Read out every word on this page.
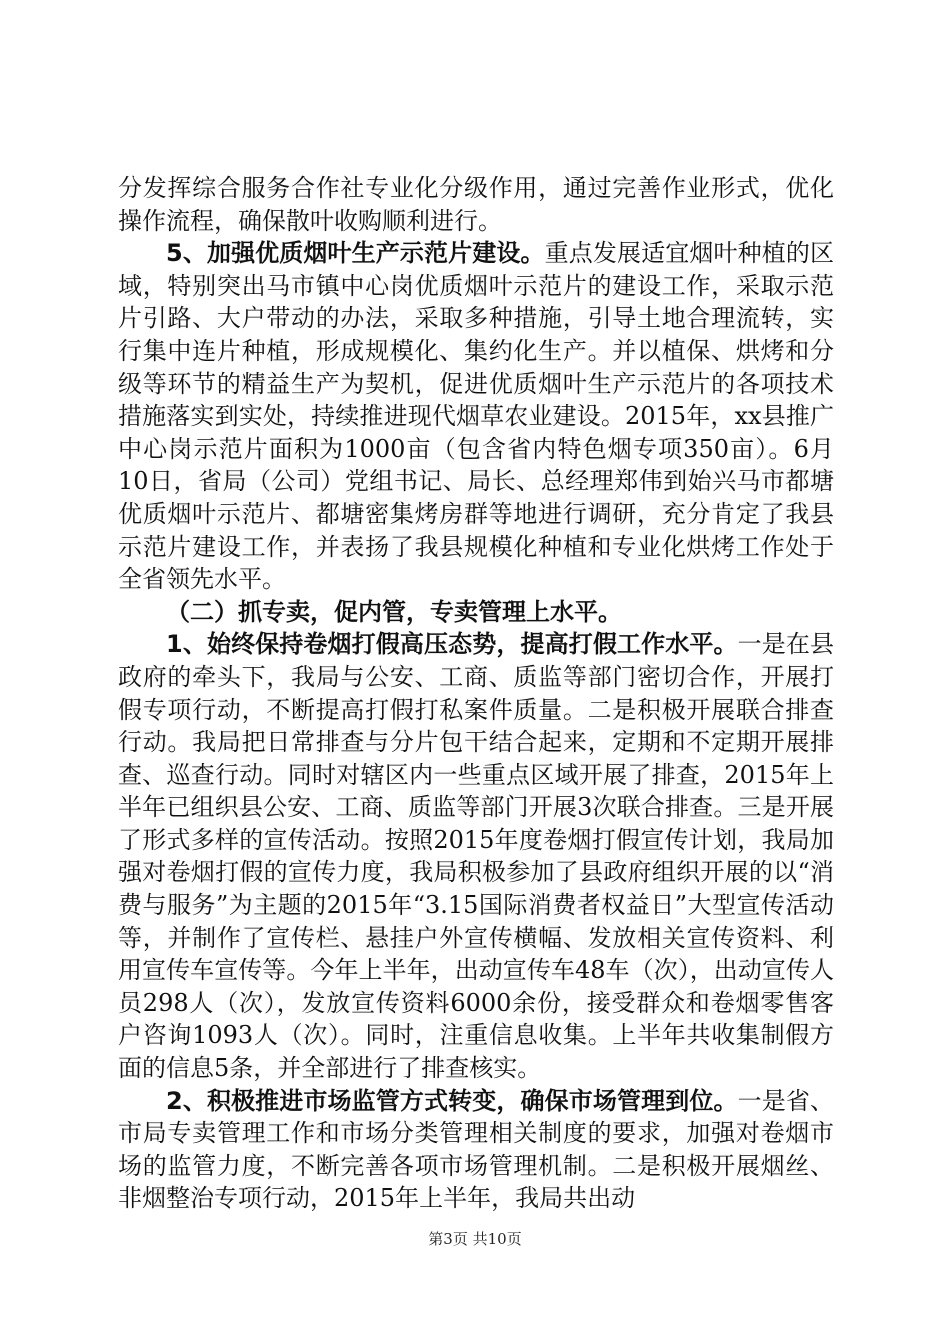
分发挥综合服务合作社专业化分级作用，通过完善作业形式，优化操作流程，确保散叶收购顺利进行。

5、加强优质烟叶生产示范片建设。重点发展适宜烟叶种植的区域，特别突出马市镇中心岗优质烟叶示范片的建设工作，采取示范片引路、大户带动的办法，采取多种措施，引导土地合理流转，实行集中连片种植，形成规模化、集约化生产。并以植保、烘烤和分级等环节的精益生产为契机，促进优质烟叶生产示范片的各项技术措施落实到实处，持续推进现代烟草农业建设。2015年，xx县推广中心岗示范片面积为1000亩（包含省内特色烟专项350亩）。6月10日，省局（公司）党组书记、局长、总经理郑伟到始兴马市都塘优质烟叶示范片、都塘密集烤房群等地进行调研，充分肯定了我县示范片建设工作，并表扬了我县规模化种植和专业化烘烤工作处于全省领先水平。

（二）抓专卖，促内管，专卖管理上水平。

1、始终保持卷烟打假高压态势，提高打假工作水平。一是在县政府的牵头下，我局与公安、工商、质监等部门密切合作，开展打假专项行动，不断提高打假打私案件质量。二是积极开展联合排查行动。我局把日常排查与分片包干结合起来，定期和不定期开展排查、巡查行动。同时对辖区内一些重点区域开展了排查，2015年上半年已组织县公安、工商、质监等部门开展3次联合排查。三是开展了形式多样的宣传活动。按照2015年度卷烟打假宣传计划，我局加强对卷烟打假的宣传力度，我局积极参加了县政府组织开展的以“消费与服务”为主题的2015年“3.15国际消费者权益日”大型宣传活动等，并制作了宣传栏、悬挂户外宣传横幅、发放相关宣传资料、利用宣传车宣传等。今年上半年，出动宣传车48车（次），出动宣传人员298人（次），发放宣传资料6000余份，接受群众和卷烟零售客户咨询1093人（次）。同时，注重信息收集。上半年共收集制假方面的信息5条，并全部进行了排查核实。

2、积极推进市场监管方式转变，确保市场管理到位。一是省、市局专卖管理工作和市场分类管理相关制度的要求，加强对卷烟市场的监管力度，不断完善各项市场管理机制。二是积极开展烟丝、非烟整治专项行动，2015年上半年，我局共出动

第3页 共10页
